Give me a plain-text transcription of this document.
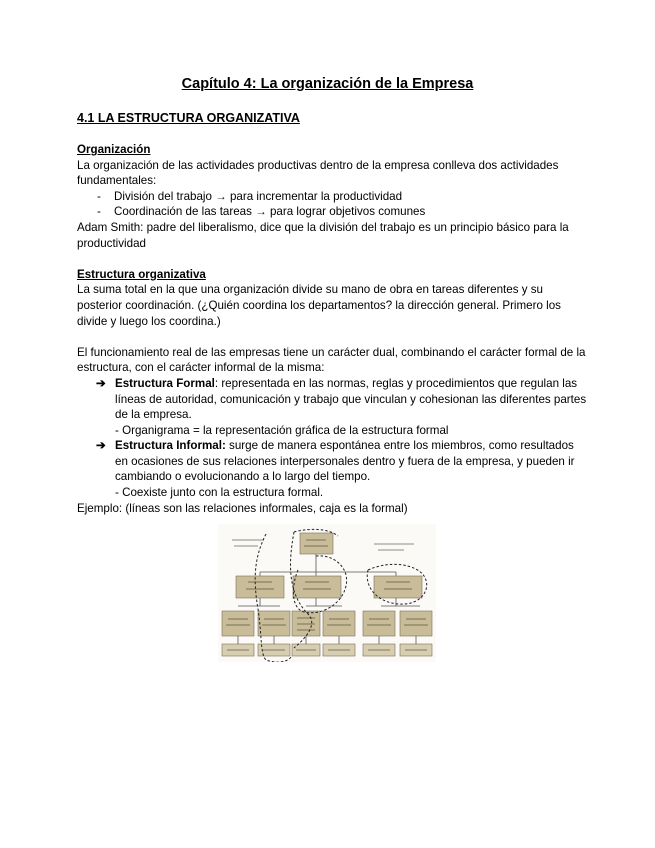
Capítulo 4: La organización de la Empresa
4.1 LA ESTRUCTURA ORGANIZATIVA

Organización

La organización de las actividades productivas dentro de la empresa conlleva dos actividades fundamentales:

- División del trabajo → para incrementar la productividad
- Coordinación de las tareas → para lograr objetivos comunes

Adam Smith: padre del liberalismo, dice que la división del trabajo es un principio básico para la productividad

Estructura organizativa

La suma total en la que una organización divide su mano de obra en tareas diferentes y su posterior coordinación. (¿Quién coordina los departamentos? la dirección general. Primero los divide y luego los coordina.)

El funcionamiento real de las empresas tiene un carácter dual, combinando el carácter formal de la estructura, con el carácter informal de la misma:

➔ Estructura Formal: representada en las normas, reglas y procedimientos que regulan las líneas de autoridad, comunicación y trabajo que vinculan y cohesionan las diferentes partes de la empresa.
- Organigrama = la representación gráfica de la estructura formal
➔ Estructura Informal: surge de manera espontánea entre los miembros, como resultados en ocasiones de sus relaciones interpersonales dentro y fuera de la empresa, y pueden ir cambiando o evolucionando a lo largo del tiempo.
- Coexiste junto con la estructura formal.

Ejemplo: (líneas son las relaciones informales, caja es la formal)
